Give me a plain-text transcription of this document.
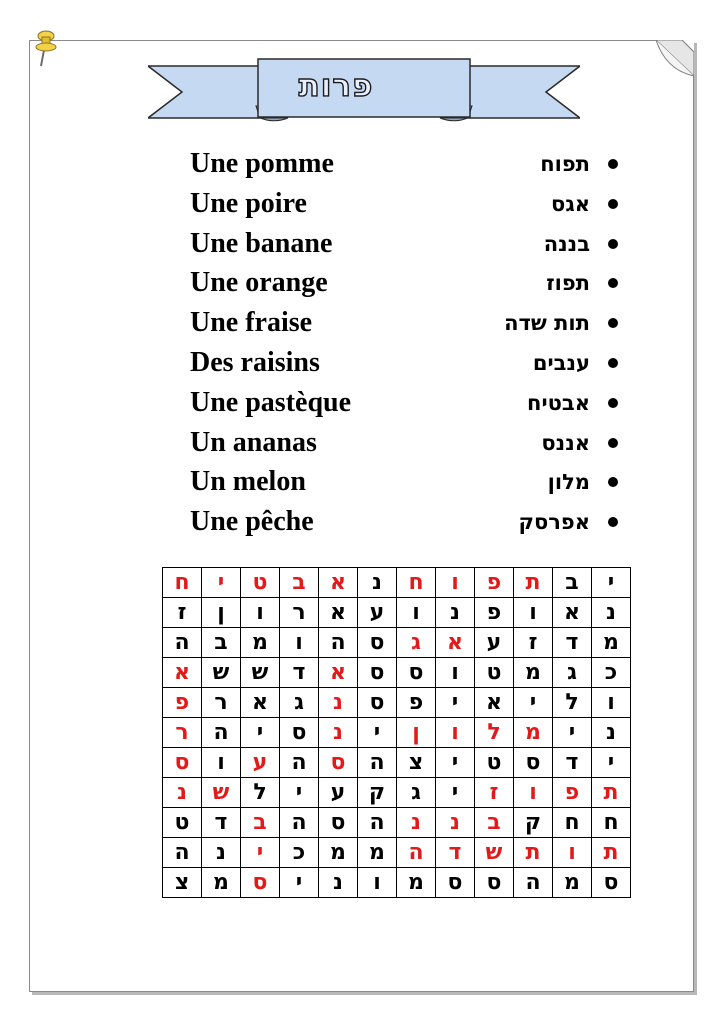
פרות
Une pomme	תפוח
Une poire	אגס
Une banane	בננה
Une orange	תפוז
Une fraise	תות שדה
Des raisins	ענבים
Une pastèque	אבטיח
Un ananas	אננס
Un melon	מלון
Une pêche	אפרסק
י	ב	ת	פ	ו	ח	נ	א	ב	ט	י	ח
נ	א	ו	פ	נ	ו	ע	א	ר	ו	ן	ז
מ	ד	ז	ע	א	ג	ס	ה	ו	מ	ב	ה
כ	ג	מ	ט	ו	ס	ס	א	ד	ש	ש	א
ו	ל	י	א	י	פ	ס	נ	ג	א	ר	פ
נ	י	מ	ל	ו	ן	י	נ	ס	י	ה	ר
י	ד	ס	ט	י	צ	ה	ס	ה	ע	ו	ס
ת	פ	ו	ז	י	ג	ק	ע	י	ל	ש	נ
ח	ח	ק	ב	נ	נ	ה	ס	ה	ב	ד	ט
ת	ו	ת	ש	ד	ה	מ	מ	כ	י	נ	ה
ס	מ	ה	ס	ס	מ	ו	נ	י	ס	מ	צ
